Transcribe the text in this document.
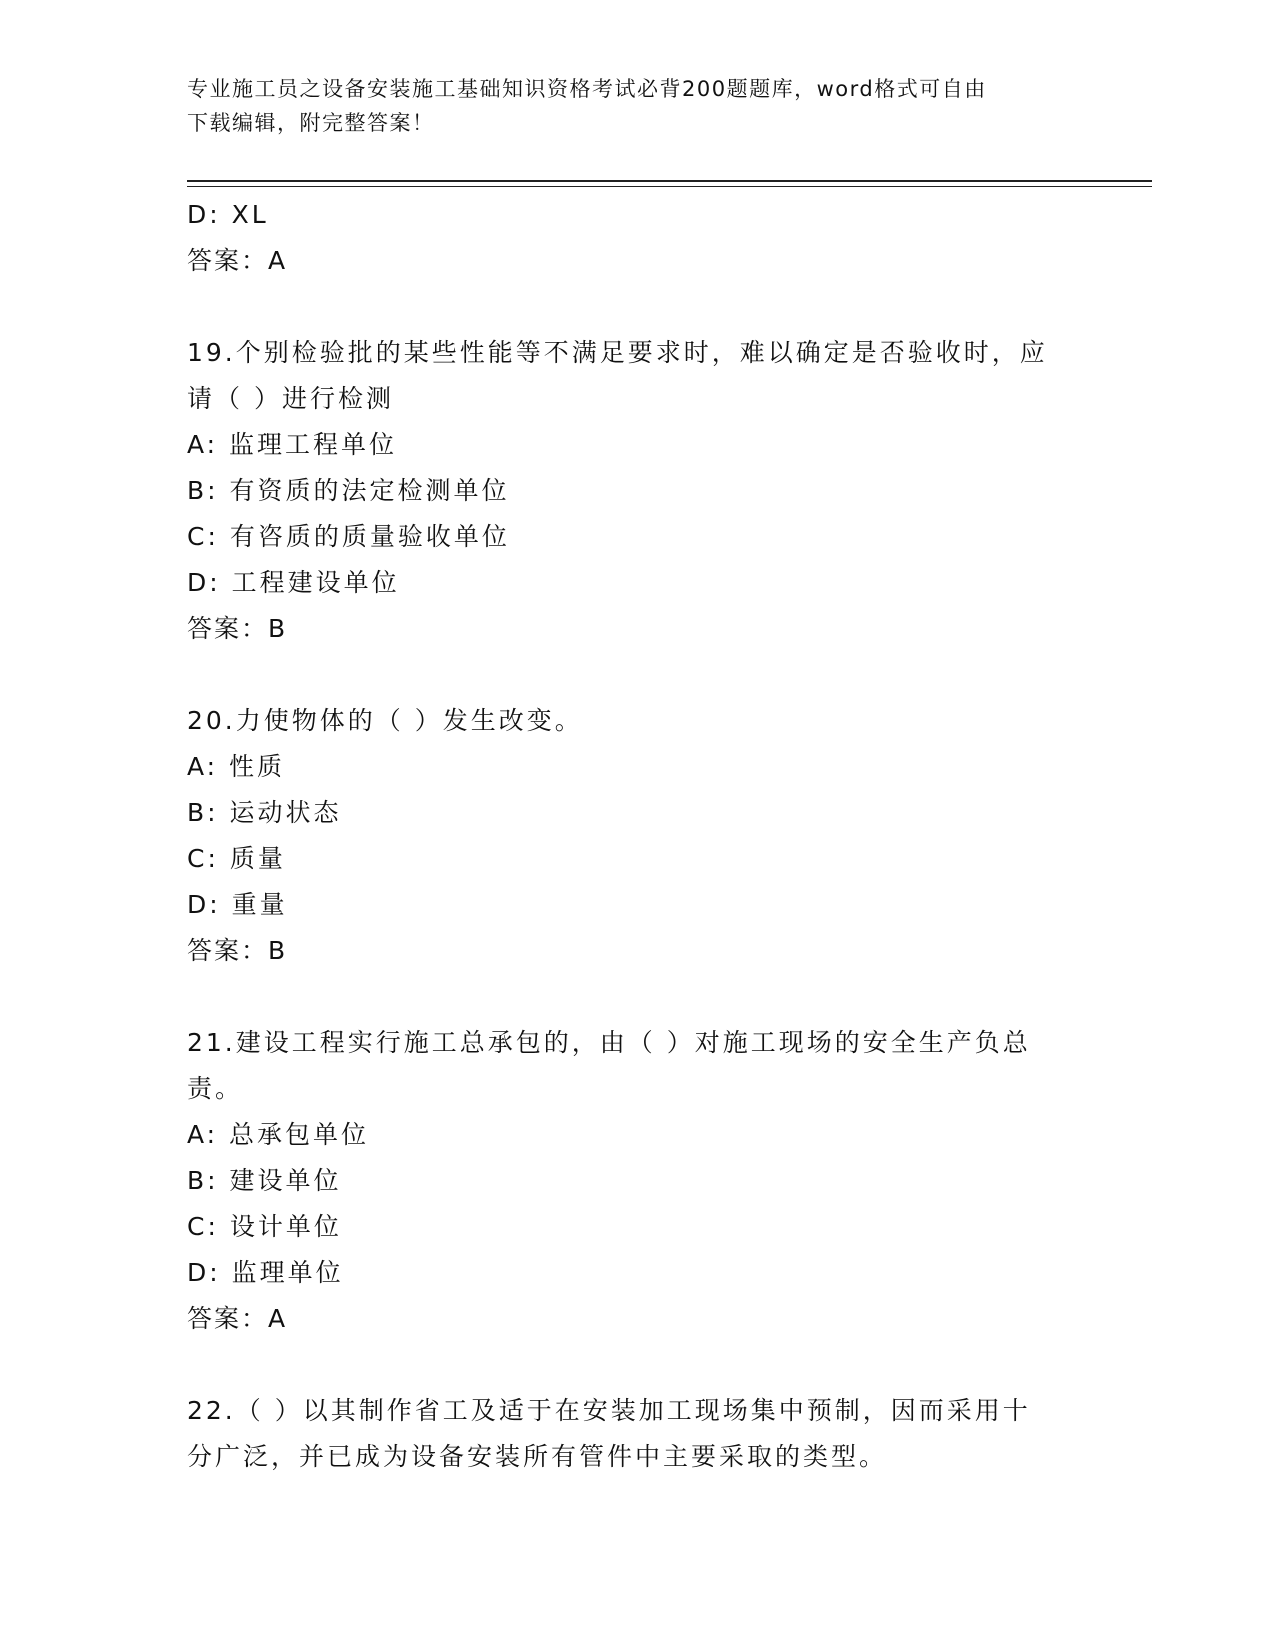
专业施工员之设备安装施工基础知识资格考试必背200题题库，word格式可自由
下载编辑，附完整答案！
D: XL
答案：A
19.个别检验批的某些性能等不满足要求时，难以确定是否验收时，应
请（ ）进行检测
A: 监理工程单位
B: 有资质的法定检测单位
C: 有咨质的质量验收单位
D: 工程建设单位
答案：B
20.力使物体的（ ）发生改变。
A: 性质
B: 运动状态
C: 质量
D: 重量
答案：B
21.建设工程实行施工总承包的，由（ ）对施工现场的安全生产负总
责。
A: 总承包单位
B: 建设单位
C: 设计单位
D: 监理单位
答案：A
22.（ ）以其制作省工及适于在安装加工现场集中预制，因而采用十
分广泛，并已成为设备安装所有管件中主要采取的类型。
